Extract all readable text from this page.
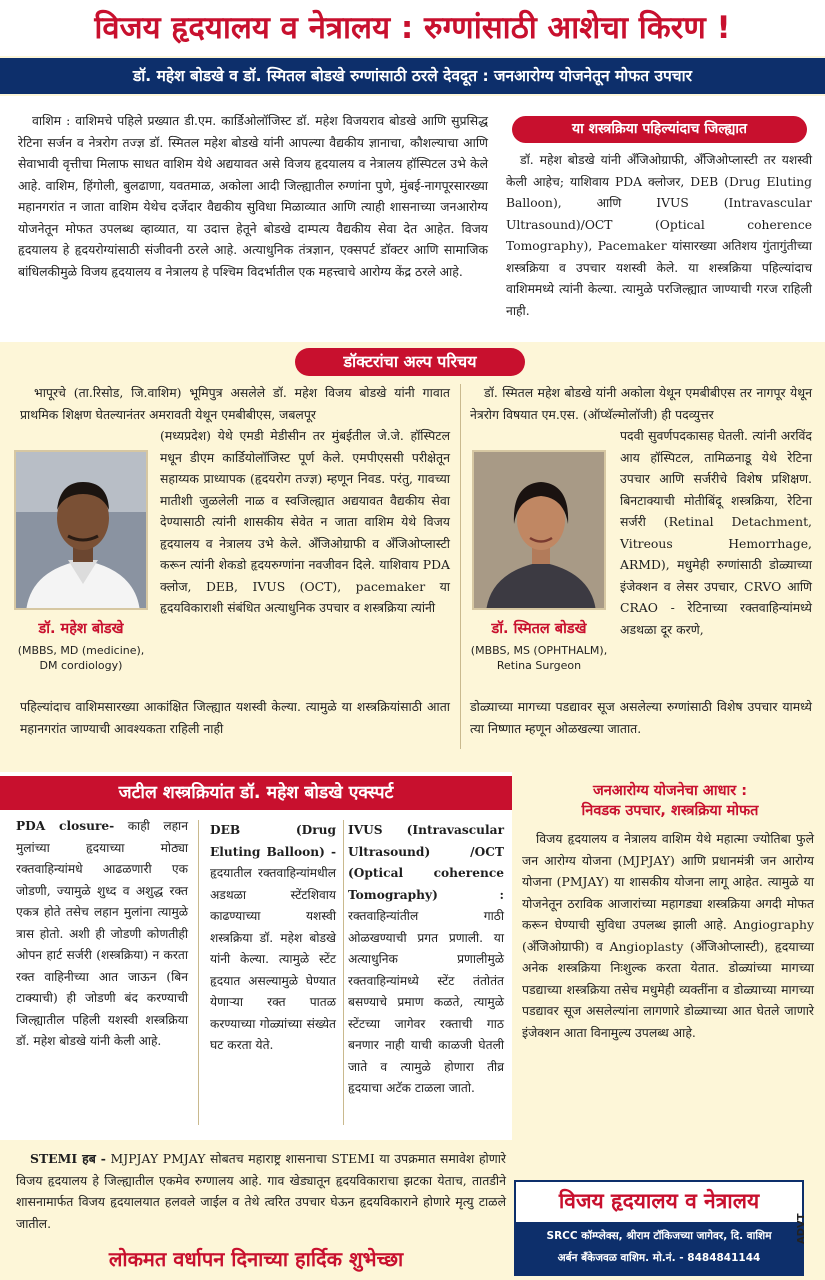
विजय हृदयालय व नेत्रालय : रुग्णांसाठी आशेचा किरण !
डॉ. महेश बोडखे व डॉ. स्मितल बोडखे रुग्णांसाठी ठरले देवदूत : जनआरोग्य योजनेतून मोफत उपचार

वाशिम : वाशिमचे पहिले प्रख्यात डी.एम. कार्डिओलॉजिस्ट डॉ. महेश विजयराव बोडखे आणि सुप्रसिद्ध रेटिना सर्जन व नेत्ररोग तज्ज्ञ डॉ. स्मितल महेश बोडखे यांनी आपल्या वैद्यकीय ज्ञानाचा, कौशल्याचा आणि सेवाभावी वृत्तीचा मिलाफ साधत वाशिम येथे अद्ययावत असे विजय हृदयालय व नेत्रालय हॉस्पिटल उभे केले आहे. वाशिम, हिंगोली, बुलढाणा, यवतमाळ, अकोला आदी जिल्ह्यातील रुग्णांना पुणे, मुंबई-नागपूरसारख्या महानगरांत न जाता वाशिम येथेच दर्जेदार वैद्यकीय सुविधा मिळाव्यात आणि त्याही शासनाच्या जनआरोग्य योजनेतून मोफत उपलब्ध व्हाव्यात, या उदात्त हेतूने बोडखे दाम्पत्य वैद्यकीय सेवा देत आहेत. विजय हृदयालय हे हृदयरोग्यांसाठी संजीवनी ठरले आहे. अत्याधुनिक तंत्रज्ञान, एक्सपर्ट डॉक्टर आणि सामाजिक बांधिलकीमुळे विजय हृदयालय व नेत्रालय हे पश्चिम विदर्भातील एक महत्त्वाचे आरोग्य केंद्र ठरले आहे.

या शस्त्रक्रिया पहिल्यांदाच जिल्ह्यात

डॉ. महेश बोडखे यांनी अँजिओग्राफी, अँजिओप्लास्टी तर यशस्वी केली आहेच; याशिवाय PDA क्लोजर, DEB (Drug Eluting Balloon), आणि IVUS (Intravascular Ultrasound)/OCT (Optical coherence Tomography), Pacemaker यांसारख्या अतिशय गुंतागुंतीच्या शस्त्रक्रिया व उपचार यशस्वी केले. या शस्त्रक्रिया पहिल्यांदाच वाशिममध्ये त्यांनी केल्या. त्यामुळे परजिल्ह्यात जाण्याची गरज राहिली नाही.

डॉक्टरांचा अल्प परिचय

भापूरचे (ता.रिसोड, जि.वाशिम) भूमिपुत्र असलेले डॉ. महेश विजय बोडखे यांनी गावात प्राथमिक शिक्षण घेतल्यानंतर अमरावती येथून एमबीबीएस, जबलपूर

(मध्यप्रदेश) येथे एमडी मेडीसीन तर मुंबईतील जे.जे. हॉस्पिटल मधून डीएम कार्डियोलॉजिस्ट पूर्ण केले. एमपीएससी परीक्षेतून सहाय्यक प्राध्यापक (हृदयरोग तज्ज्ञ) म्हणून निवड. परंतु, गावच्या मातीशी जुळलेली नाळ व स्वजिल्ह्यात अद्ययावत वैद्यकीय सेवा देण्यासाठी त्यांनी शासकीय सेवेत न जाता वाशिम येथे विजय हृदयालय व नेत्रालय उभे केले. अँजिओग्राफी व अँजिओप्लास्टी करून त्यांनी शेकडो हृदयरुग्णांना नवजीवन दिले. याशिवाय PDA क्लोज, DEB, IVUS (OCT), pacemaker या हृदयविकाराशी संबंधित अत्याधुनिक उपचार व शस्त्रक्रिया त्यांनी

डॉ. महेश बोडखे
(MBBS, MD (medicine),
DM cordiology)

पहिल्यांदाच वाशिमसारख्या आकांक्षित जिल्ह्यात यशस्वी केल्या. त्यामुळे या शस्त्रक्रियांसाठी आता महानगरांत जाण्याची आवश्यकता राहिली नाही

डॉ. स्मितल महेश बोडखे यांनी अकोला येथून एमबीबीएस तर नागपूर येथून नेत्ररोग विषयात एम.एस. (ऑप्थॅल्मोलॉजी) ही पदव्युत्तर

पदवी सुवर्णपदकासह घेतली. त्यांनी अरविंद आय हॉस्पिटल, तामिळनाडू येथे रेटिना उपचार आणि सर्जरीचे विशेष प्रशिक्षण. बिनटाक्याची मोतीबिंदू शस्त्रक्रिया, रेटिना सर्जरी (Retinal Detachment, Vitreous Hemorrhage, ARMD), मधुमेही रुग्णांसाठी डोळ्याच्या इंजेक्शन व लेसर उपचार, CRVO आणि CRAO - रेटिनाच्या रक्तवाहिन्यांमध्ये अडथळा दूर करणे,

डॉ. स्मितल बोडखे
(MBBS, MS (OPHTHALM),
Retina Surgeon

डोळ्याच्या मागच्या पडद्यावर सूज असलेल्या रुग्णांसाठी विशेष उपचार यामध्ये त्या निष्णात म्हणून ओळखल्या जातात.

जटील शस्त्रक्रियांत डॉ. महेश बोडखे एक्स्पर्ट

PDA closure- काही लहान मुलांच्या हृदयाच्या मोठ्या रक्तवाहिन्यांमधे आढळणारी एक जोडणी, ज्यामुळे शुध्द व अशुद्ध रक्त एकत्र होते तसेच लहान मुलांना त्यामुळे त्रास होतो. अशी ही जोडणी कोणतीही ओपन हार्ट सर्जरी (शस्त्रक्रिया) न करता रक्त वाहिनीच्या आत जाऊन (बिन टाक्याची) ही जोडणी बंद करण्याची जिल्ह्यातील पहिली यशस्वी शस्त्रक्रिया डॉ. महेश बोडखे यांनी केली आहे.

DEB (Drug Eluting Balloon) - हृदयातील रक्तवाहिन्यांमधील अडथळा स्टेंटशिवाय काढण्याच्या यशस्वी शस्त्रक्रिया डॉ. महेश बोडखे यांनी केल्या. त्यामुळे स्टेंट हृदयात असल्यामुळे घेण्यात येणाऱ्या रक्त पातळ करण्याच्या गोळ्यांच्या संख्येत घट करता येते.

IVUS (Intravascular Ultrasound) /OCT (Optical coherence Tomography) : रक्तवाहिन्यांतील गाठी ओळखण्याची प्रगत प्रणाली. या अत्याधुनिक प्रणालीमुळे रक्तवाहिन्यांमध्ये स्टेंट तंतोतंत बसण्याचे प्रमाण कळते, त्यामुळे स्टेंटच्या जागेवर रक्ताची गाठ बनणार नाही याची काळजी घेतली जाते व त्यामुळे होणारा तीव्र हृदयाचा अटॅक टाळला जातो.

जनआरोग्य योजनेचा आधार :
निवडक उपचार, शस्त्रक्रिया मोफत

विजय हृदयालय व नेत्रालय वाशिम येथे महात्मा ज्योतिबा फुले जन आरोग्य योजना (MJPJAY) आणि प्रधानमंत्री जन आरोग्य योजना (PMJAY) या शासकीय योजना लागू आहेत. त्यामुळे या योजनेतून ठराविक आजारांच्या महागड्या शस्त्रक्रिया अगदी मोफत करून घेण्याची सुविधा उपलब्ध झाली आहे. Angiography (अँजिओग्राफी) व Angioplasty (अँजिओप्लास्टी), हृदयाच्या अनेक शस्त्रक्रिया निःशुल्क करता येतात. डोळ्यांच्या मागच्या पडद्याच्या शस्त्रक्रिया तसेच मधुमेही व्यक्तींना व डोळ्याच्या मागच्या पडद्यावर सूज असलेल्यांना लागणारे डोळ्याच्या आत घेतले जाणारे इंजेक्शन आता विनामुल्य उपलब्ध आहे.

STEMI हब - MJPJAY PMJAY सोबतच महाराष्ट्र शासनाचा STEMI या उपक्रमात समावेश होणारे विजय हृदयालय हे जिल्ह्यातील एकमेव रुग्णालय आहे. गाव खेड्यातून हृदयविकाराचा झटका येताच, तातडीने शासनामार्फत विजय हृदयालयात हलवले जाईल व तेथे त्वरित उपचार घेऊन हृदयविकाराने होणारे मृत्यु टाळले जातील.

लोकमत वर्धापन दिनाच्या हार्दिक शुभेच्छा
विजय हृदयालय व नेत्रालय
SRCC कॉम्प्लेक्स, श्रीराम टॉकिजच्या जागेवर, दि. वाशिम
अर्बन बँकेजवळ वाशिम. मो.नं. - 8484841144
ADVT
